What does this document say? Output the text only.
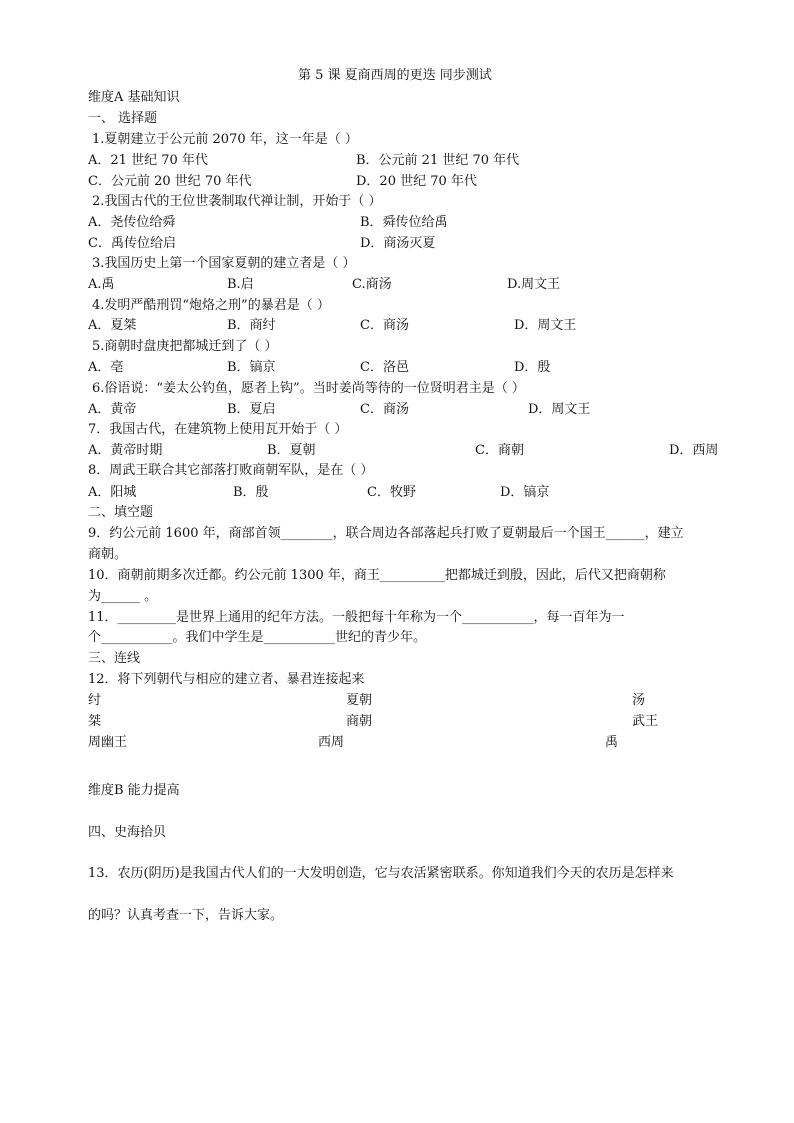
第 5 课 夏商西周的更迭 同步测试
维度A 基础知识
一、 选择题
1.夏朝建立于公元前 2070 年，这一年是（ ）
A．21 世纪 70 年代	B．公元前 21 世纪 70 年代
C．公元前 20 世纪 70 年代	D．20 世纪 70 年代
2.我国古代的王位世袭制取代禅让制，开始于（ ）
A．尧传位给舜	B．舜传位给禹
C．禹传位给启	D．商汤灭夏
3.我国历史上第一个国家夏朝的建立者是（ ）
A.禹	B.启	C.商汤	D.周文王
4.发明严酷刑罚“炮烙之刑”的暴君是（ ）
A．夏桀	B．商纣	C．商汤	D．周文王
5.商朝时盘庚把都城迁到了（ ）
A．亳	B．镐京	C．洛邑	D．殷
6.俗语说：“姜太公钓鱼，愿者上钩”。当时姜尚等待的一位贤明君主是（ ）
A．黄帝	B．夏启	C．商汤	D．周文王
7．我国古代，在建筑物上使用瓦开始于（ ）
A．黄帝时期	B．夏朝	C．商朝	D．西周
8．周武王联合其它部落打败商朝军队，是在（ ）
A．阳城	B．殷	C．牧野	D．镐京
二、填空题
9．约公元前 1600 年，商部首领________，联合周边各部落起兵打败了夏朝最后一个国王______，建立
商朝。
10．商朝前期多次迁都。约公元前 1300 年，商王__________把都城迁到殷，因此，后代又把商朝称
为______ 。
11．_________是世界上通用的纪年方法。一般把每十年称为一个___________，每一百年为一
个___________。我们中学生是___________世纪的青少年。
三、连线
12．将下列朝代与相应的建立者、暴君连接起来
纣	夏朝	汤
桀	商朝	武王
周幽王	西周	禹
维度B 能力提高
四、史海拾贝
13．农历(阴历)是我国古代人们的一大发明创造，它与农活紧密联系。你知道我们今天的农历是怎样来
的吗？认真考查一下，告诉大家。
